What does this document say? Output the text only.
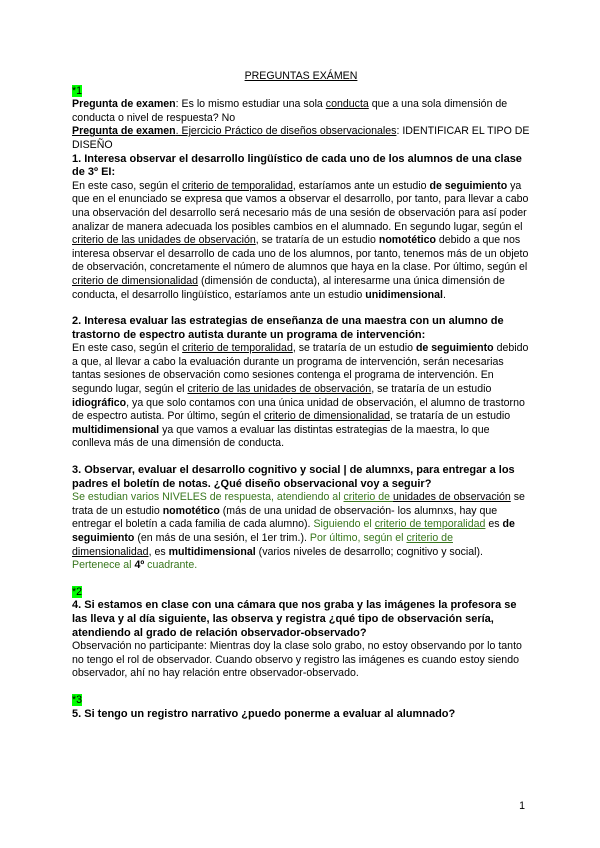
PREGUNTAS EXÁMEN

*1

Pregunta de examen: Es lo mismo estudiar una sola conducta que a una sola dimensión de conducta o nivel de respuesta? No

Pregunta de examen. Ejercicio Práctico de diseños observacionales: IDENTIFICAR EL TIPO DE DISEÑO

1. Interesa observar el desarrollo lingüístico de cada uno de los alumnos de una clase de 3º EI:

En este caso, según el criterio de temporalidad, estaríamos ante un estudio de seguimiento ya que en el enunciado se expresa que vamos a observar el desarrollo, por tanto, para llevar a cabo una observación del desarrollo será necesario más de una sesión de observación para así poder analizar de manera adecuada los posibles cambios en el alumnado. En segundo lugar, según el criterio de las unidades de observación, se trataría de un estudio nomotético debido a que nos interesa observar el desarrollo de cada uno de los alumnos, por tanto, tenemos más de un objeto de observación, concretamente el número de alumnos que haya en la clase. Por último, según el criterio de dimensionalidad (dimensión de conducta), al interesarme una única dimensión de conducta, el desarrollo lingüístico, estaríamos ante un estudio unidimensional.

2. Interesa evaluar las estrategias de enseñanza de una maestra con un alumno de trastorno de espectro autista durante un programa de intervención:

En este caso, según el criterio de temporalidad, se trataría de un estudio de seguimiento debido a que, al llevar a cabo la evaluación durante un programa de intervención, serán necesarias tantas sesiones de observación como sesiones contenga el programa de intervención. En segundo lugar, según el criterio de las unidades de observación, se trataría de un estudio idiográfico, ya que solo contamos con una única unidad de observación, el alumno de trastorno de espectro autista. Por último, según el criterio de dimensionalidad, se trataría de un estudio multidimensional ya que vamos a evaluar las distintas estrategias de la maestra, lo que conlleva más de una dimensión de conducta.

3. Observar, evaluar el desarrollo cognitivo y social | de alumnxs, para entregar a los padres el boletín de notas. ¿Qué diseño observacional voy a seguir?

Se estudian varios NIVELES de respuesta, atendiendo al criterio de unidades de observación se trata de un estudio nomotético (más de una unidad de observación- los alumnxs, hay que entregar el boletín a cada familia de cada alumno). Siguiendo el criterio de temporalidad es de seguimiento (en más de una sesión, el 1er trim.). Por último, según el criterio de dimensionalidad, es multidimensional (varios niveles de desarrollo; cognitivo y social).

Pertenece al 4º cuadrante.

*2

4. Si estamos en clase con una cámara que nos graba y las imágenes la profesora se las lleva y al día siguiente, las observa y registra ¿qué tipo de observación sería, atendiendo al grado de relación observador-observado?

Observación no participante: Mientras doy la clase solo grabo, no estoy observando por lo tanto no tengo el rol de observador. Cuando observo y registro las imágenes es cuando estoy siendo observador, ahí no hay relación entre observador-observado.

*3

5. Si tengo un registro narrativo ¿puedo ponerme a evaluar al alumnado?

1
